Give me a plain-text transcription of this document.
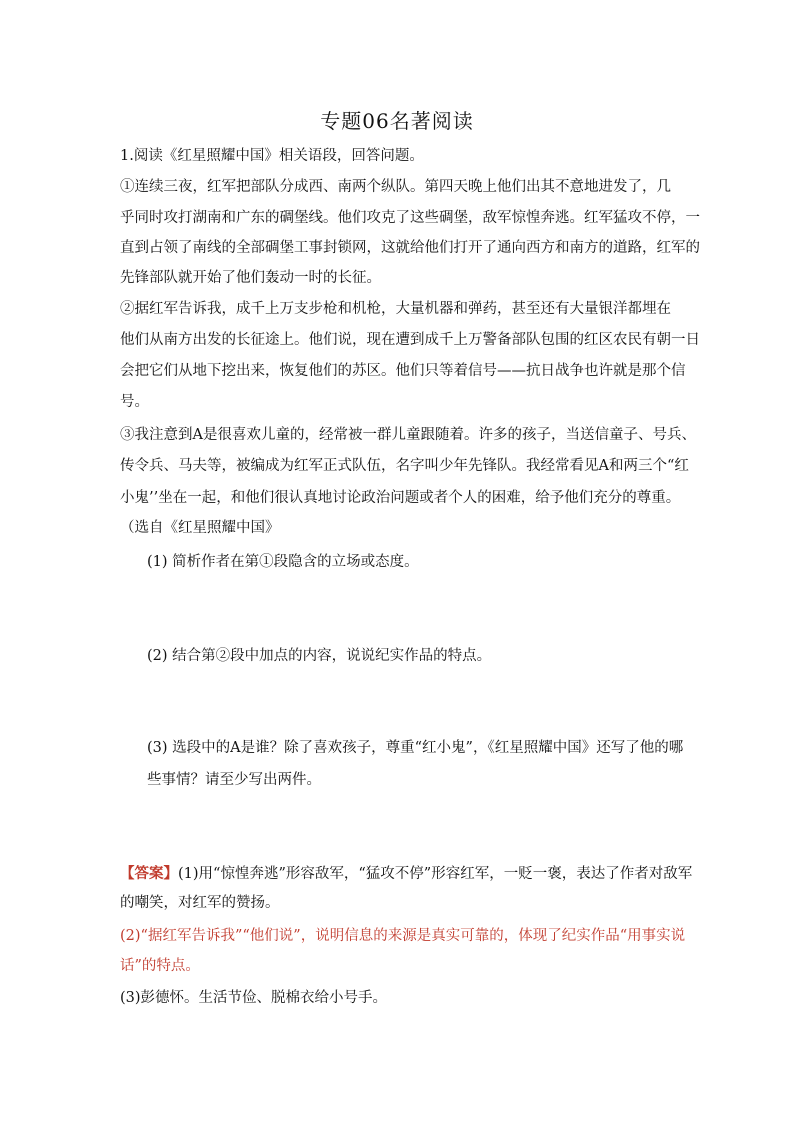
专题06名著阅读
1.阅读《红星照耀中国》相关语段，回答问题。
①连续三夜，红军把部队分成西、南两个纵队。第四天晚上他们出其不意地进发了，几
乎同时攻打湖南和广东的碉堡线。他们攻克了这些碉堡，敌军惊惶奔逃。红军猛攻不停，一
直到占领了南线的全部碉堡工事封锁网，这就给他们打开了通向西方和南方的道路，红军的
先锋部队就开始了他们轰动一时的长征。
②据红军告诉我，成千上万支步枪和机枪，大量机器和弹药，甚至还有大量银洋都埋在
他们从南方出发的长征途上。他们说，现在遭到成千上万警备部队包围的红区农民有朝一日
会把它们从地下挖出来，恢复他们的苏区。他们只等着信号——抗日战争也许就是那个信
号。
③我注意到A是很喜欢儿童的，经常被一群儿童跟随着。许多的孩子，当送信童子、号兵、
传令兵、马夫等，被编成为红军正式队伍，名字叫少年先锋队。我经常看见A和两三个“红
小鬼’’坐在一起，和他们很认真地讨论政治问题或者个人的困难，给予他们充分的尊重。
（选自《红星照耀中国》
(1) 简析作者在第①段隐含的立场或态度。
(2) 结合第②段中加点的内容，说说纪实作品的特点。
(3) 选段中的A是谁？除了喜欢孩子，尊重“红小鬼”，《红星照耀中国》还写了他的哪
些事情？请至少写出两件。
【答案】(1)用“惊惶奔逃”形容敌军，“猛攻不停”形容红军，一贬一褒，表达了作者对敌军
的嘲笑，对红军的赞扬。
(2)“据红军告诉我”“他们说”，说明信息的来源是真实可靠的，体现了纪实作品“用事实说
话”的特点。
(3)彭德怀。生活节俭、脱棉衣给小号手。
